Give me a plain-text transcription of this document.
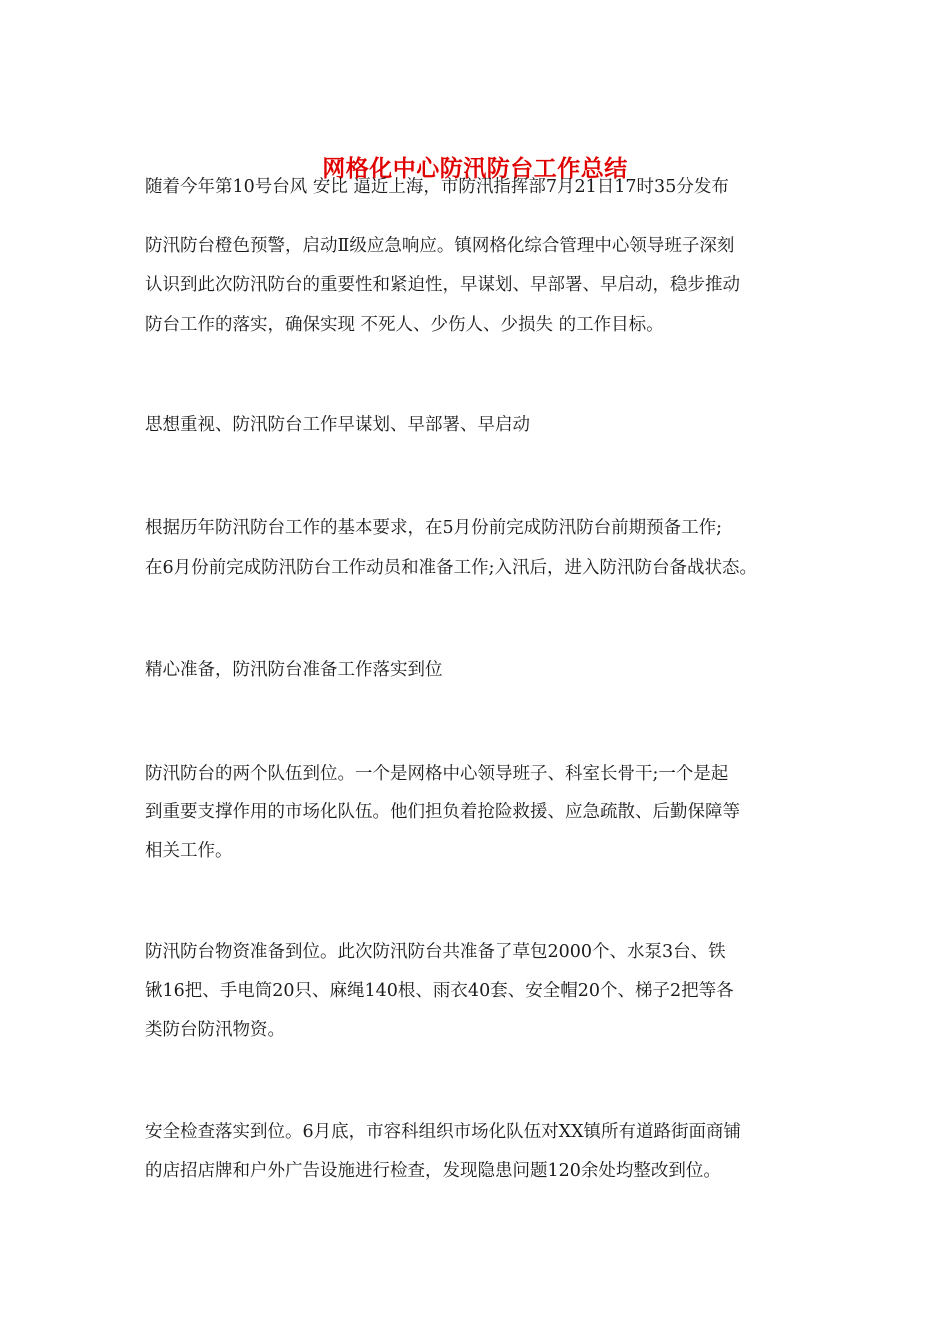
网格化中心防汛防台工作总结
随着今年第10号台风 安比 逼近上海，市防汛指挥部7月21日17时35分发布
防汛防台橙色预警，启动Ⅱ级应急响应。镇网格化综合管理中心领导班子深刻
认识到此次防汛防台的重要性和紧迫性，早谋划、早部署、早启动，稳步推动
防台工作的落实，确保实现 不死人、少伤人、少损失 的工作目标。
思想重视、防汛防台工作早谋划、早部署、早启动
根据历年防汛防台工作的基本要求，在5月份前完成防汛防台前期预备工作;
在6月份前完成防汛防台工作动员和准备工作;入汛后，进入防汛防台备战状态。
精心准备，防汛防台准备工作落实到位
防汛防台的两个队伍到位。一个是网格中心领导班子、科室长骨干;一个是起
到重要支撑作用的市场化队伍。他们担负着抢险救援、应急疏散、后勤保障等
相关工作。
防汛防台物资准备到位。此次防汛防台共准备了草包2000个、水泵3台、铁
锹16把、手电筒20只、麻绳140根、雨衣40套、安全帽20个、梯子2把等各
类防台防汛物资。
安全检查落实到位。6月底，市容科组织市场化队伍对XX镇所有道路街面商铺
的店招店牌和户外广告设施进行检查，发现隐患问题120余处均整改到位。
